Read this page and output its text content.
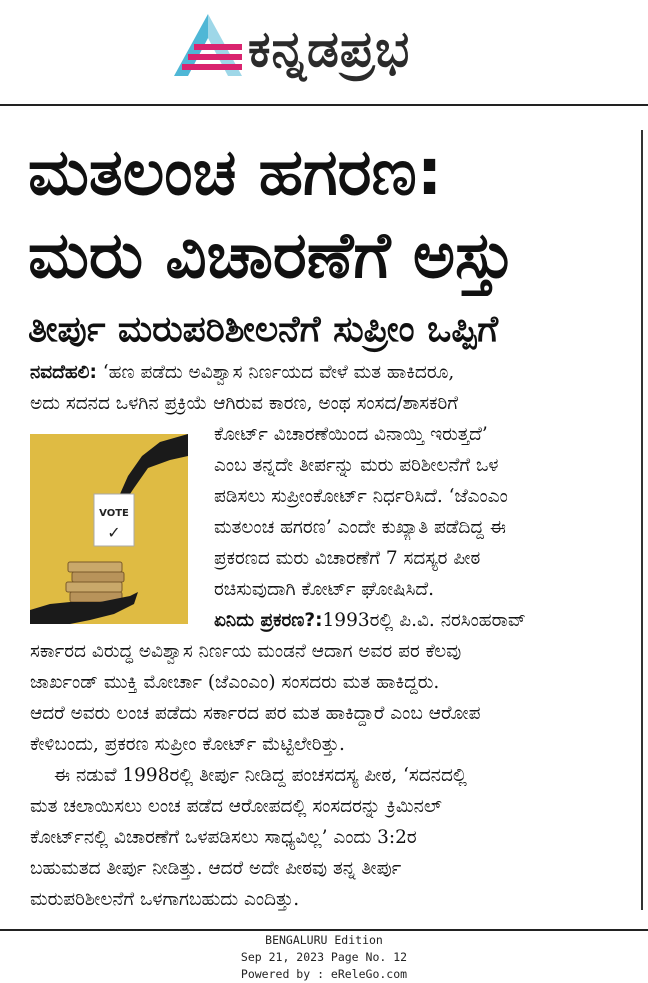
ಕನ್ನಡಪ್ರಭ
ಮತಲಂಚ ಹಗರಣ:
ಮರು ವಿಚಾರಣೆಗೆ ಅಸ್ತು
ತೀರ್ಪು ಮರುಪರಿಶೀಲನೆಗೆ ಸುಪ್ರೀಂ ಒಪ್ಪಿಗೆ
ನವದೆಹಲಿ: ‘ಹಣ ಪಡೆದು ಅವಿಶ್ವಾಸ ನಿರ್ಣಯದ ವೇಳೆ ಮತ ಹಾಕಿದರೂ,
ಅದು ಸದನದ ಒಳಗಿನ ಪ್ರಕ್ರಿಯೆ ಆಗಿರುವ ಕಾರಣ, ಅಂಥ ಸಂಸದ/ಶಾಸಕರಿಗೆ
ಕೋರ್ಟ್ ವಿಚಾರಣೆಯಿಂದ ವಿನಾಯ್ತಿ ಇರುತ್ತದೆ’
ಎಂಬ ತನ್ನದೇ ತೀರ್ಪನ್ನು ಮರು ಪರಿಶೀಲನೆಗೆ ಒಳ
ಪಡಿಸಲು ಸುಪ್ರೀಂಕೋರ್ಟ್ ನಿರ್ಧರಿಸಿದೆ. ‘ಜೆಎಂಎಂ
ಮತಲಂಚ ಹಗರಣ’ ಎಂದೇ ಕುಖ್ಯಾತಿ ಪಡೆದಿದ್ದ ಈ
ಪ್ರಕರಣದ ಮರು ವಿಚಾರಣೆಗೆ 7 ಸದಸ್ಯರ ಪೀಠ
ರಚಿಸುವುದಾಗಿ ಕೋರ್ಟ್ ಘೋಷಿಸಿದೆ.
ಏನಿದು ಪ್ರಕರಣ?:1993ರಲ್ಲಿ ಪಿ.ವಿ. ನರಸಿಂಹರಾವ್
ಸರ್ಕಾರದ ವಿರುದ್ಧ ಅವಿಶ್ವಾಸ ನಿರ್ಣಯ ಮಂಡನೆ ಆದಾಗ ಅವರ ಪರ ಕೆಲವು
ಜಾರ್ಖಂಡ್ ಮುಕ್ತಿ ಮೋರ್ಚಾ (ಜೆಎಂಎಂ) ಸಂಸದರು ಮತ ಹಾಕಿದ್ದರು.
ಆದರೆ ಅವರು ಲಂಚ ಪಡೆದು ಸರ್ಕಾರದ ಪರ ಮತ ಹಾಕಿದ್ದಾರೆ ಎಂಬ ಆರೋಪ
ಕೇಳಿಬಂದು, ಪ್ರಕರಣ ಸುಪ್ರೀಂ ಕೋರ್ಟ್ ಮೆಟ್ಟಿಲೇರಿತ್ತು.
ಈ ನಡುವೆ 1998ರಲ್ಲಿ ತೀರ್ಪು ನೀಡಿದ್ದ ಪಂಚಸದಸ್ಯ ಪೀಠ, ‘ಸದನದಲ್ಲಿ
ಮತ ಚಲಾಯಿಸಲು ಲಂಚ ಪಡೆದ ಆರೋಪದಲ್ಲಿ ಸಂಸದರನ್ನು ಕ್ರಿಮಿನಲ್
ಕೋರ್ಟ್‌ನಲ್ಲಿ ವಿಚಾರಣೆಗೆ ಒಳಪಡಿಸಲು ಸಾಧ್ಯವಿಲ್ಲ’ ಎಂದು 3:2ರ
ಬಹುಮತದ ತೀರ್ಪು ನೀಡಿತ್ತು. ಆದರೆ ಅದೇ ಪೀಠವು ತನ್ನ ತೀರ್ಪು
ಮರುಪರಿಶೀಲನೆಗೆ ಒಳಗಾಗಬಹುದು ಎಂದಿತ್ತು.
VOTE
✓
BENGALURU Edition
Sep 21, 2023 Page No. 12
Powered by : eReleGo.com
